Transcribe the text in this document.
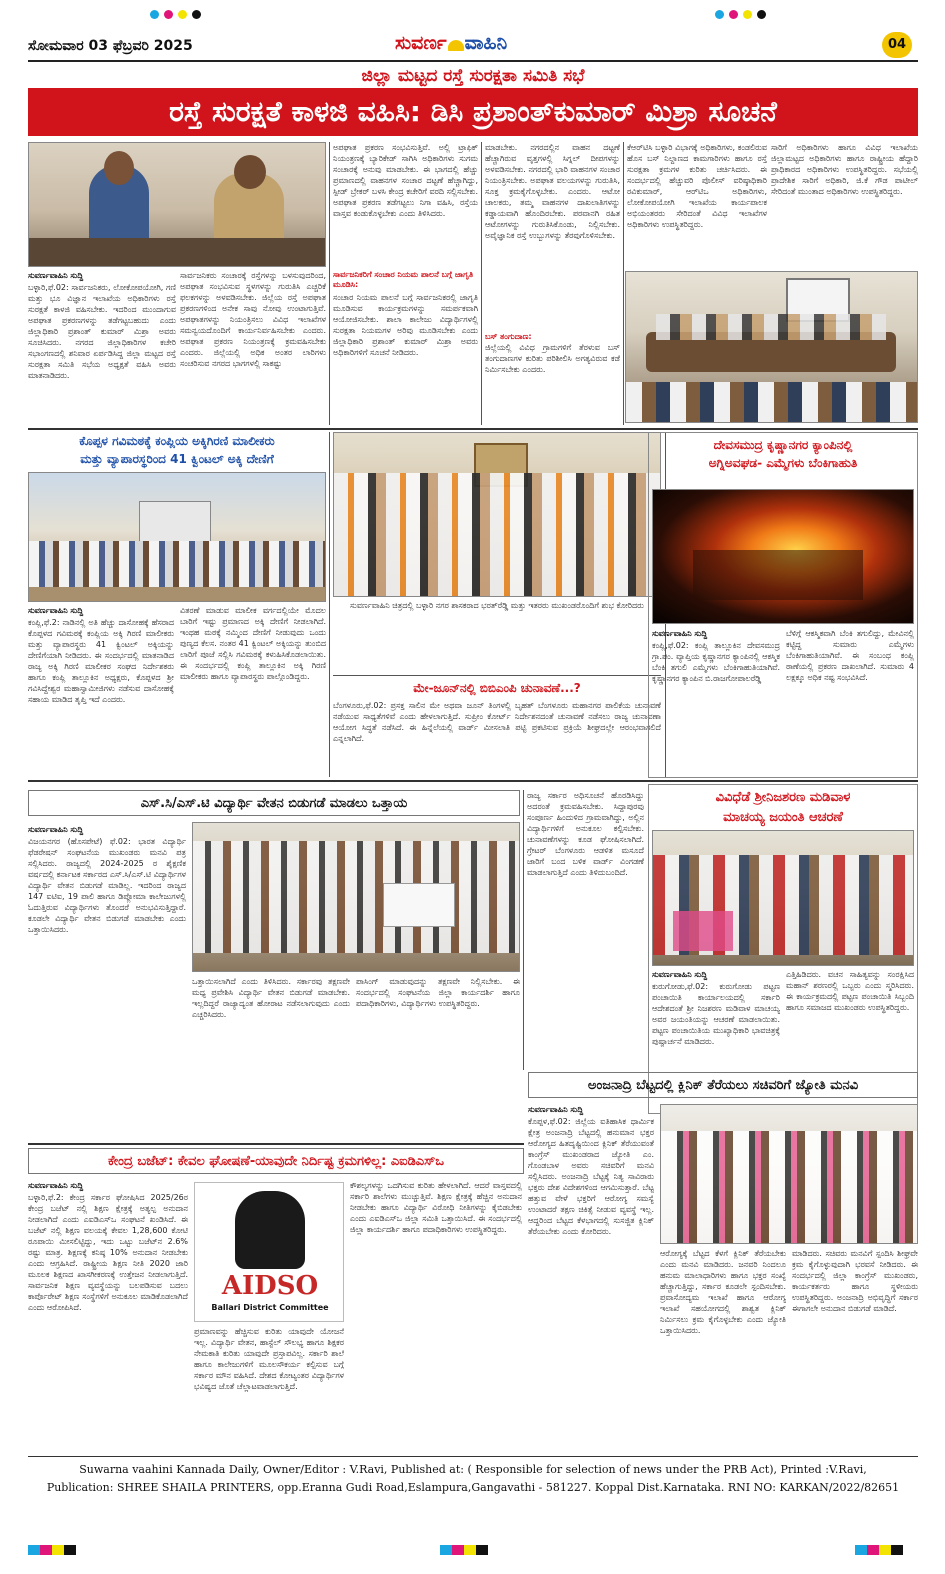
ಸೋಮವಾರ 03 ಫೆಬ್ರವರಿ 2025	ಸುವರ್ಣ ವಾಹಿನಿ	04
ಜಿಲ್ಲಾ ಮಟ್ಟದ ರಸ್ತೆ ಸುರಕ್ಷತಾ ಸಮಿತಿ ಸಭೆ
ರಸ್ತೆ ಸುರಕ್ಷತೆ ಕಾಳಜಿ ವಹಿಸಿ: ಡಿಸಿ ಪ್ರಶಾಂತ್‌ಕುಮಾರ್ ಮಿಶ್ರಾ ಸೂಚನೆ
ಸುವರ್ಣವಾಹಿನಿ ಸುದ್ದಿ
ಬಳ್ಳಾರಿ,ಫೆ.02: ಸಾರ್ವಜನಿಕರು, ಲೋಕೋಪಯೋಗಿ, ಗಣಿ ಮತ್ತು ಭೂ ವಿಜ್ಞಾನ ಇಲಾಖೆಯ ಅಧಿಕಾರಿಗಳು ರಸ್ತೆ ಸುರಕ್ಷತೆ ಕಾಳಜಿ ವಹಿಸಬೇಕು. ಇದರಿಂದ ಮುಂದಾಗುವ ಅಪಘಾತ ಪ್ರಕರಣಗಳನ್ನು ತಡೆಗಟ್ಟಬಹುದು ಎಂದು ಜಿಲ್ಲಾಧಿಕಾರಿ ಪ್ರಶಾಂತ್ ಕುಮಾರ್ ಮಿಶ್ರಾ ಅವರು ಸೂಚಿಸಿದರು. ನಗರದ ಜಿಲ್ಲಾಧಿಕಾರಿಗಳ ಕಚೇರಿ ಸಭಾಂಗಣದಲ್ಲಿ ಶನಿವಾರ ಏರ್ಪಡಿಸಿದ್ದ ಜಿಲ್ಲಾ ಮಟ್ಟದ ರಸ್ತೆ ಸುರಕ್ಷತಾ ಸಮಿತಿ ಸಭೆಯ ಅಧ್ಯಕ್ಷತೆ ವಹಿಸಿ ಅವರು ಮಾತನಾಡಿದರು.
ಸಾರ್ವಜನಿಕರು ಸಂಚಾರಕ್ಕೆ ರಸ್ತೆಗಳನ್ನು ಬಳಸುವುದರಿಂದ, ಅಪಘಾತ ಸಂಭವಿಸುವ ಸ್ಥಳಗಳನ್ನು ಗುರುತಿಸಿ ಎಚ್ಚರಿಕೆ ಫಲಕಗಳನ್ನು ಅಳವಡಿಸಬೇಕು. ಜಿಲ್ಲೆಯ ರಸ್ತೆ ಅಪಘಾತ ಪ್ರಕರಣಗಳಿಂದ ಅನೇಕ ಸಾವು ನೋವು ಉಂಟಾಗುತ್ತಿವೆ. ಅಪಘಾತಗಳನ್ನು ನಿಯಂತ್ರಿಸಲು ವಿವಿಧ ಇಲಾಖೆಗಳ ಸಮನ್ವಯದೊಂದಿಗೆ ಕಾರ್ಯನಿರ್ವಹಿಸಬೇಕು ಎಂದರು. ಅಪಘಾತ ಪ್ರಕರಣ ನಿಯಂತ್ರಣಕ್ಕೆ ಕ್ರಮವಹಿಸಬೇಕು ಎಂದರು. ಜಿಲ್ಲೆಯಲ್ಲಿ ಅಧಿಕ ಅಂತರ ಲಾರಿಗಳು ಸಂಚರಿಸುವ ನಗರದ ಭಾಗಗಳಲ್ಲಿ ಸಾಕಷ್ಟು
ಅಪಘಾತ ಪ್ರಕರಣ ಸಂಭವಿಸುತ್ತಿವೆ. ಅಲ್ಲಿ ಟ್ರಾಫಿಕ್ ನಿಯಂತ್ರಣಕ್ಕೆ ಬ್ಯಾರಿಕೇಡ್ ಸಾಗಿಸಿ ಅಧಿಕಾರಿಗಳು ಸುಗಮ ಸಂಚಾರಕ್ಕೆ ಅನುವು ಮಾಡಬೇಕು. ಈ ಭಾಗದಲ್ಲಿ ಹೆಚ್ಚು ಪ್ರಮಾಣದಲ್ಲಿ ವಾಹನಗಳ ಸಂಚಾರ ದಟ್ಟಣೆ ಹೆಚ್ಚಾಗಿದ್ದು, ಸ್ಪೀಡ್ ಬ್ರೇಕರ್ ಬಳಸಿ ಕೇಂದ್ರ ಕಚೇರಿಗೆ ವರದಿ ಸಲ್ಲಿಸಬೇಕು. ಅಪಘಾತ ಪ್ರಕರಣ ತಡೆಗಟ್ಟಲು ನಿಗಾ ವಹಿಸಿ, ರಸ್ತೆಯ ವಾಸ್ತವ ಕಂಡುಕೊಳ್ಳಬೇಕು ಎಂದು ತಿಳಿಸಿದರು.
ಸಾರ್ವಜನಿಕರಿಗೆ ಸಂಚಾರ ನಿಯಮ ಪಾಲನೆ ಬಗ್ಗೆ ಜಾಗೃತಿ ಮೂಡಿಸಿ:
ಸಂಚಾರ ನಿಯಮ ಪಾಲನೆ ಬಗ್ಗೆ ಸಾರ್ವಜನಿಕರಲ್ಲಿ ಜಾಗೃತಿ ಮೂಡಿಸುವ ಕಾರ್ಯಕ್ರಮಗಳನ್ನು ಸಮರ್ಪಕವಾಗಿ ಆಯೋಜಿಸಬೇಕು. ಶಾಲಾ ಕಾಲೇಜು ವಿದ್ಯಾರ್ಥಿಗಳಲ್ಲಿ ಸುರಕ್ಷತಾ ನಿಯಮಗಳ ಅರಿವು ಮೂಡಿಸಬೇಕು ಎಂದು ಜಿಲ್ಲಾಧಿಕಾರಿ ಪ್ರಶಾಂತ್ ಕುಮಾರ್ ಮಿಶ್ರಾ ಅವರು ಅಧಿಕಾರಿಗಳಿಗೆ ಸೂಚನೆ ನೀಡಿದರು.
ಮಾಡಬೇಕು. ನಗರದಲ್ಲಿನ ವಾಹನ ದಟ್ಟಣೆ ಹೆಚ್ಚಾಗಿರುವ ವೃತ್ತಗಳಲ್ಲಿ ಸಿಗ್ನಲ್ ದೀಪಗಳನ್ನು ಅಳವಡಿಸಬೇಕು. ನಗರದಲ್ಲಿ ಭಾರಿ ವಾಹನಗಳ ಸಂಚಾರ ನಿಯಂತ್ರಿಸಬೇಕು. ಅಪಘಾತ ವಲಯಗಳನ್ನು ಗುರುತಿಸಿ, ಸೂಕ್ತ ಕ್ರಮಕೈಗೊಳ್ಳಬೇಕು. ಎಂದರು. ಆಟೋ ಚಾಲಕರು, ತಮ್ಮ ವಾಹನಗಳ ದಾಖಲಾತಿಗಳನ್ನು ಕಡ್ಡಾಯವಾಗಿ ಹೊಂದಿರಬೇಕು. ಪರವಾನಗಿ ರಹಿತ ಆಟೋಗಳನ್ನು ಗುರುತಿಸಿಕೊಂಡು, ನಿಲ್ಲಿಸಬೇಕು. ಅವೈಜ್ಞಾನಿಕ ರಸ್ತೆ ಉಬ್ಬುಗಳನ್ನು ತೆರವುಗೊಳಿಸಬೇಕು.
ಬಸ್ ತಂಗುದಾಣ:
ಜಿಲ್ಲೆಯಲ್ಲಿ ವಿವಿಧ ಗ್ರಾಮಗಳಿಗೆ ತೆರಳುವ ಬಸ್ ತಂಗುದಾಣಗಳ ಕುರಿತು ಪರಿಶೀಲಿಸಿ ಅಗತ್ಯವಿರುವ ಕಡೆ ನಿರ್ಮಿಸಬೇಕು ಎಂದರು.
ಕೆಆರ್‌ಟಿಸಿ ಬಳ್ಳಾರಿ ವಿಭಾಗಕ್ಕೆ ಅಧಿಕಾರಿಗಳು, ಕಂಡಲಿರುವ ಹೊಸ ಬಸ್ ನಿಲ್ದಾಣದ ಕಾಮಗಾರಿಗಳು ಹಾಗೂ ರಸ್ತೆ ಸುರಕ್ಷತಾ ಕ್ರಮಗಳ ಕುರಿತು ಚರ್ಚಿಸಿದರು. ಈ ಸಂದರ್ಭದಲ್ಲಿ ಹೆಚ್ಚುವರಿ ಪೊಲೀಸ್ ವರಿಷ್ಠಾಧಿಕಾರಿ ರವಿಕುಮಾರ್, ಆರ್‌ಟಿಒ ಅಧಿಕಾರಿಗಳು, ಲೋಕೋಪಯೋಗಿ ಇಲಾಖೆಯ ಕಾರ್ಯಪಾಲಕ ಅಭಿಯಂತರರು ಸೇರಿದಂತೆ ವಿವಿಧ ಇಲಾಖೆಗಳ ಅಧಿಕಾರಿಗಳು ಉಪಸ್ಥಿತರಿದ್ದರು.
ಸಾರಿಗೆ ಅಧಿಕಾರಿಗಳು ಹಾಗೂ ವಿವಿಧ ಇಲಾಖೆಯ ಜಿಲ್ಲಾಮಟ್ಟದ ಅಧಿಕಾರಿಗಳು ಹಾಗೂ ರಾಷ್ಟ್ರೀಯ ಹೆದ್ದಾರಿ ಪ್ರಾಧಿಕಾರದ ಅಧಿಕಾರಿಗಳು ಉಪಸ್ಥಿತರಿದ್ದರು. ಸಭೆಯಲ್ಲಿ ಪ್ರಾದೇಶಿಕ ಸಾರಿಗೆ ಅಧಿಕಾರಿ, ಜಿ.ಕೆ ಗೌಡ ಪಾಟೀಲ್ ಸೇರಿದಂತೆ ಮುಂತಾದ ಅಧಿಕಾರಿಗಳು ಉಪಸ್ಥಿತರಿದ್ದರು.
ಕೊಪ್ಪಳ ಗವಿಮಠಕ್ಕೆ ಕಂಪ್ಲಿಯ ಅಕ್ಕಿಗಿರಣಿ ಮಾಲೀಕರು
ಮತ್ತು ವ್ಯಾಪಾರಸ್ಥರಿಂದ 41 ಕ್ವಿಂಟಲ್ ಅಕ್ಕಿ ದೇಣಿಗೆ
ಸುವರ್ಣವಾಹಿನಿ ಸುದ್ದಿ
ಕಂಪ್ಲಿ,ಫೆ.2: ನಾಡಿನಲ್ಲಿ ಅತಿ ಹೆಚ್ಚು ದಾಸೋಹಕ್ಕೆ ಹೆಸರಾದ ಕೊಪ್ಪಳದ ಗವಿಮಠಕ್ಕೆ ಕಂಪ್ಲಿಯ ಅಕ್ಕಿ ಗಿರಣಿ ಮಾಲೀಕರು ಮತ್ತು ವ್ಯಾಪಾರಸ್ಥರು 41 ಕ್ವಿಂಟಲ್ ಅಕ್ಕಿಯನ್ನು ದೇಣಿಗೆಯಾಗಿ ನೀಡಿದರು. ಈ ಸಂದರ್ಭದಲ್ಲಿ ಮಾತನಾಡಿದ ರಾಜ್ಯ ಅಕ್ಕಿ ಗಿರಣಿ ಮಾಲೀಕರ ಸಂಘದ ನಿರ್ದೇಶಕರು ಹಾಗೂ ಕಂಪ್ಲಿ ತಾಲ್ಲೂಕಿನ ಅಧ್ಯಕ್ಷರು, ಕೊಪ್ಪಳದ ಶ್ರೀ ಗವಿಸಿದ್ದೇಶ್ವರ ಮಹಾಸ್ವಾಮೀಜಿಗಳು ನಡೆಸುವ ದಾಸೋಹಕ್ಕೆ ಸಹಾಯ ಮಾಡಿದ ತೃಪ್ತಿ ಇದೆ ಎಂದರು.
ವಿತರಣೆ ಮಾಡುವ ಮಾಲೀಕ ವರ್ಗದಲ್ಲಿಯೇ ಮೊದಲ ಬಾರಿಗೆ ಇಷ್ಟು ಪ್ರಮಾಣದ ಅಕ್ಕಿ ದೇಣಿಗೆ ನೀಡಲಾಗಿದೆ. ಇಂಥಹ ಮಠಕ್ಕೆ ನಮ್ಮಿಂದ ದೇಣಿಗೆ ನೀಡುವುದು ಒಂದು ಪುಣ್ಯದ ಕೆಲಸ. ನಂತರ 41 ಕ್ವಿಂಟಲ್ ಅಕ್ಕಿಯನ್ನು ತುಂಬಿದ ಲಾರಿಗೆ ಪೂಜೆ ಸಲ್ಲಿಸಿ ಗವಿಮಠಕ್ಕೆ ಕಳುಹಿಸಿಕೊಡಲಾಯಿತು. ಈ ಸಂದರ್ಭದಲ್ಲಿ ಕಂಪ್ಲಿ ತಾಲ್ಲೂಕಿನ ಅಕ್ಕಿ ಗಿರಣಿ ಮಾಲೀಕರು ಹಾಗೂ ವ್ಯಾಪಾರಸ್ಥರು ಪಾಲ್ಗೊಂಡಿದ್ದರು.
ಸುವರ್ಣವಾಹಿನಿ ಚಿತ್ರದಲ್ಲಿ ಬಳ್ಳಾರಿ ನಗರ ಶಾಸಕರಾದ ಭರತ್‌ರೆಡ್ಡಿ ಮತ್ತು ಇತರರು ಮುಖಂಡರೊಂದಿಗೆ ಶುಭ ಕೋರಿದರು
ಮೇ-ಜೂನ್‌ನಲ್ಲಿ ಬಿಬಿಎಂಪಿ ಚುನಾವಣೆ...?
ಬೆಂಗಳೂರು,ಫೆ.02: ಪ್ರಸಕ್ತ ಸಾಲಿನ ಮೇ ಅಥವಾ ಜೂನ್ ತಿಂಗಳಲ್ಲಿ ಬೃಹತ್ ಬೆಂಗಳೂರು ಮಹಾನಗರ ಪಾಲಿಕೆಯ ಚುನಾವಣೆ ನಡೆಯುವ ಸಾಧ್ಯತೆಗಳಿವೆ ಎಂದು ಹೇಳಲಾಗುತ್ತಿದೆ. ಸುಪ್ರೀಂ ಕೋರ್ಟ್ ನಿರ್ದೇಶನದಂತೆ ಚುನಾವಣೆ ನಡೆಸಲು ರಾಜ್ಯ ಚುನಾವಣಾ ಆಯೋಗ ಸಿದ್ಧತೆ ನಡೆಸಿದೆ. ಈ ಹಿನ್ನೆಲೆಯಲ್ಲಿ ವಾರ್ಡ್ ಮೀಸಲಾತಿ ಪಟ್ಟಿ ಪ್ರಕಟಿಸುವ ಪ್ರಕ್ರಿಯೆ ಶೀಘ್ರದಲ್ಲೇ ಆರಂಭವಾಗಲಿದೆ ಎನ್ನಲಾಗಿದೆ.
ದೇವಸಮುದ್ರ ಕೃಷ್ಣಾನಗರ ಕ್ಯಾಂಪಿನಲ್ಲಿ
ಅಗ್ನಿಅವಘಡ- ಎಮ್ಮೆಗಳು ಬೆಂಕಿಗಾಹುತಿ
ಸುವರ್ಣವಾಹಿನಿ ಸುದ್ದಿ
ಕಂಪ್ಲಿ,ಫೆ.02: ಕಂಪ್ಲಿ ತಾಲ್ಲೂಕಿನ ದೇವಸಮುದ್ರ ಗ್ರಾ.ಪಂ. ವ್ಯಾಪ್ತಿಯ ಕೃಷ್ಣಾನಗರ ಕ್ಯಾಂಪಿನಲ್ಲಿ ಆಕಸ್ಮಿಕ ಬೆಂಕಿ ತಗುಲಿ ಎಮ್ಮೆಗಳು ಬೆಂಕಿಗಾಹುತಿಯಾಗಿವೆ. ಕೃಷ್ಣಾನಗರ ಕ್ಯಾಂಪಿನ ಬಿ.ರಾಜಗೋಪಾಲರೆಡ್ಡಿ
ಬೆಳಿಗ್ಗೆ ಆಕಸ್ಮಿಕವಾಗಿ ಬೆಂಕಿ ತಗುಲಿದ್ದು, ಮೇವಿನಲ್ಲಿ ಕಟ್ಟಿದ್ದ ಸುಮಾರು ಎಮ್ಮೆಗಳು ಬೆಂಕಿಗಾಹುತಿಯಾಗಿವೆ. ಈ ಸಂಬಂಧ ಕಂಪ್ಲಿ ಠಾಣೆಯಲ್ಲಿ ಪ್ರಕರಣ ದಾಖಲಾಗಿದೆ. ಸುಮಾರು 4 ಲಕ್ಷಕ್ಕೂ ಅಧಿಕ ನಷ್ಟ ಸಂಭವಿಸಿದೆ.
ವಿವಿಧೆಡೆ ಶ್ರೀನಿಜಶರಣ ಮಡಿವಾಳ
ಮಾಚಯ್ಯ ಜಯಂತಿ ಆಚರಣೆ
ಸುವರ್ಣವಾಹಿನಿ ಸುದ್ದಿ
ಕುರುಗೋಡು,ಫೆ.02: ಕುರುಗೋಡು ಪಟ್ಟಣ ಪಂಚಾಯಿತಿ ಕಾರ್ಯಾಲಯದಲ್ಲಿ ಸರ್ಕಾರಿ ಆದೇಶದಂತೆ ಶ್ರೀ ನಿಜಶರಣ ಮಡಿವಾಳ ಮಾಚಯ್ಯ ಅವರ ಜಯಂತಿಯನ್ನು ಆಚರಣೆ ಮಾಡಲಾಯಿತು. ಪಟ್ಟಣ ಪಂಚಾಯಿತಿಯ ಮುಖ್ಯಾಧಿಕಾರಿ ಭಾವಚಿತ್ರಕ್ಕೆ ಪುಷ್ಪಾರ್ಚನೆ ಮಾಡಿದರು.
ಎತ್ತಿಹಿಡಿದರು. ವಚನ ಸಾಹಿತ್ಯವನ್ನು ಸಂರಕ್ಷಿಸಿದ ಮಹಾನ್ ಶರಣರಲ್ಲಿ ಒಬ್ಬರು ಎಂದು ಸ್ಮರಿಸಿದರು. ಈ ಕಾರ್ಯಕ್ರಮದಲ್ಲಿ ಪಟ್ಟಣ ಪಂಚಾಯಿತಿ ಸಿಬ್ಬಂದಿ ಹಾಗೂ ಸಮಾಜದ ಮುಖಂಡರು ಉಪಸ್ಥಿತರಿದ್ದರು.
ಎಸ್.ಸಿ/ಎಸ್.ಟಿ ವಿದ್ಯಾರ್ಥಿ ವೇತನ ಬಿಡುಗಡೆ ಮಾಡಲು ಒತ್ತಾಯ
ಸುವರ್ಣವಾಹಿನಿ ಸುದ್ದಿ
ವಿಜಯನಗರ (ಹೊಸಪೇಟೆ) ಫೆ.02: ಭಾರತ ವಿದ್ಯಾರ್ಥಿ ಫೆಡರೇಷನ್ ಸಂಘಟನೆಯ ಮುಖಂಡರು ಮನವಿ ಪತ್ರ ಸಲ್ಲಿಸಿದರು. ರಾಜ್ಯದಲ್ಲಿ 2024-2025 ರ ಶೈಕ್ಷಣಿಕ ವರ್ಷದಲ್ಲಿ ಕರ್ನಾಟಕ ಸರ್ಕಾರದ ಎಸ್.ಸಿ/ಎಸ್.ಟಿ ವಿದ್ಯಾರ್ಥಿಗಳ ವಿದ್ಯಾರ್ಥಿ ವೇತನ ಬಿಡುಗಡೆ ಮಾಡಿಲ್ಲ. ಇದರಿಂದ ರಾಜ್ಯದ 147 ಐಟಿಐ, 19 ಪಾಲಿ ಹಾಗೂ ಡಿಪ್ಲೋಮಾ ಕಾಲೇಜುಗಳಲ್ಲಿ ಓದುತ್ತಿರುವ ವಿದ್ಯಾರ್ಥಿಗಳು ತೊಂದರೆ ಅನುಭವಿಸುತ್ತಿದ್ದಾರೆ. ಕೂಡಲೇ ವಿದ್ಯಾರ್ಥಿ ವೇತನ ಬಿಡುಗಡೆ ಮಾಡಬೇಕು ಎಂದು ಒತ್ತಾಯಿಸಿದರು.
ಒತ್ತಾಯಿಸಲಾಗಿದೆ ಎಂದು ತಿಳಿಸಿದರು. ಸರ್ಕಾರವು ತಕ್ಷಣವೇ ಮಧ್ಯ ಪ್ರವೇಶಿಸಿ ವಿದ್ಯಾರ್ಥಿ ವೇತನ ಬಿಡುಗಡೆ ಮಾಡಬೇಕು. ಇಲ್ಲದಿದ್ದರೆ ರಾಜ್ಯಾದ್ಯಂತ ಹೋರಾಟ ನಡೆಸಲಾಗುವುದು ಎಂದು ಎಚ್ಚರಿಸಿದರು.
ಪಾಸಿಂಗ್ ಮಾಡುವುದನ್ನು ತಕ್ಷಣವೇ ನಿಲ್ಲಿಸಬೇಕು. ಈ ಸಂದರ್ಭದಲ್ಲಿ ಸಂಘಟನೆಯ ಜಿಲ್ಲಾ ಕಾರ್ಯದರ್ಶಿ ಹಾಗೂ ಪದಾಧಿಕಾರಿಗಳು, ವಿದ್ಯಾರ್ಥಿಗಳು ಉಪಸ್ಥಿತರಿದ್ದರು.
ರಾಜ್ಯ ಸರ್ಕಾರ ಅಧಿಸೂಚನೆ ಹೊರಡಿಸಿದ್ದು ಅದರಂತೆ ಕ್ರಮವಹಿಸಬೇಕು. ಸಿದ್ದಾಪುರವು ಸಂಪೂರ್ಣ ಹಿಂದುಳಿದ ಗ್ರಾಮವಾಗಿದ್ದು, ಅಲ್ಲಿನ ವಿದ್ಯಾರ್ಥಿಗಳಿಗೆ ಅನುಕೂಲ ಕಲ್ಪಿಸಬೇಕು. ಚುನಾವಣೆಗಳನ್ನು ಕೂಡ ಘೋಷಿಸಲಾಗಿದೆ. ಗ್ರೇಟರ್ ಬೆಂಗಳೂರು ಆಡಳಿತ ಮಸೂದೆ ಜಾರಿಗೆ ಬಂದ ಬಳಿಕ ವಾರ್ಡ್ ವಿಂಗಡಣೆ ಮಾಡಲಾಗುತ್ತಿದೆ ಎಂದು ತಿಳಿದುಬಂದಿದೆ.
ಅಂಜನಾದ್ರಿ ಬೆಟ್ಟದಲ್ಲಿ ಕ್ಲಿನಿಕ್ ತೆರೆಯಲು ಸಚಿವರಿಗೆ ಜ್ಯೋತಿ ಮನವಿ
ಸುವರ್ಣವಾಹಿನಿ ಸುದ್ದಿ
ಕೊಪ್ಪಳ,ಫೆ.02: ಜಿಲ್ಲೆಯ ಐತಿಹಾಸಿಕ ಧಾರ್ಮಿಕ ಕ್ಷೇತ್ರ ಅಂಜನಾದ್ರಿ ಬೆಟ್ಟದಲ್ಲಿ ಹನುಮಾನ ಭಕ್ತರ ಆರೋಗ್ಯದ ಹಿತದೃಷ್ಟಿಯಿಂದ ಕ್ಲಿನಿಕ್ ತೆರೆಯುವಂತೆ ಕಾಂಗ್ರೆಸ್ ಮುಖಂಡರಾದ ಜ್ಯೋತಿ ಎಂ. ಗೊಂಡಬಾಳ ಅವರು ಸಚಿವರಿಗೆ ಮನವಿ ಸಲ್ಲಿಸಿದರು. ಅಂಜನಾದ್ರಿ ಬೆಟ್ಟಕ್ಕೆ ನಿತ್ಯ ಸಾವಿರಾರು ಭಕ್ತರು ದೇಶ ವಿದೇಶಗಳಿಂದ ಆಗಮಿಸುತ್ತಾರೆ. ಬೆಟ್ಟ ಹತ್ತುವ ವೇಳೆ ಭಕ್ತರಿಗೆ ಆರೋಗ್ಯ ಸಮಸ್ಯೆ ಉಂಟಾದರೆ ತಕ್ಷಣ ಚಿಕಿತ್ಸೆ ನೀಡುವ ವ್ಯವಸ್ಥೆ ಇಲ್ಲ. ಆದ್ದರಿಂದ ಬೆಟ್ಟದ ಕೆಳಭಾಗದಲ್ಲಿ ಸುಸಜ್ಜಿತ ಕ್ಲಿನಿಕ್ ತೆರೆಯಬೇಕು ಎಂದು ಕೋರಿದರು.
ಆರೋಗ್ಯಕ್ಕೆ ಬೆಟ್ಟದ ಕೆಳಗೆ ಕ್ಲಿನಿಕ್ ತೆರೆಯಬೇಕು ಎಂದು ಮನವಿ ಮಾಡಿದರು. ಜನವರಿ ನಿಂದಲೂ ಹನುಮ ಮಾಲಾಧಾರಿಗಳು ಹಾಗೂ ಭಕ್ತರ ಸಂಖ್ಯೆ ಹೆಚ್ಚಾಗುತ್ತಿದ್ದು, ಸರ್ಕಾರ ಕೂಡಲೇ ಸ್ಪಂದಿಸಬೇಕು. ಪ್ರವಾಸೋದ್ಯಮ ಇಲಾಖೆ ಹಾಗೂ ಆರೋಗ್ಯ ಇಲಾಖೆ ಸಹಯೋಗದಲ್ಲಿ ಶಾಶ್ವತ ಕ್ಲಿನಿಕ್ ನಿರ್ಮಿಸಲು ಕ್ರಮ ಕೈಗೊಳ್ಳಬೇಕು ಎಂದು ಜ್ಯೋತಿ ಒತ್ತಾಯಿಸಿದರು.
ಮಾಡಿದರು. ಸಚಿವರು ಮನವಿಗೆ ಸ್ಪಂದಿಸಿ ಶೀಘ್ರವೇ ಕ್ರಮ ಕೈಗೊಳ್ಳುವುದಾಗಿ ಭರವಸೆ ನೀಡಿದರು. ಈ ಸಂದರ್ಭದಲ್ಲಿ ಜಿಲ್ಲಾ ಕಾಂಗ್ರೆಸ್ ಮುಖಂಡರು, ಕಾರ್ಯಕರ್ತರು ಹಾಗೂ ಸ್ಥಳೀಯರು ಉಪಸ್ಥಿತರಿದ್ದರು. ಅಂಜನಾದ್ರಿ ಅಭಿವೃದ್ಧಿಗೆ ಸರ್ಕಾರ ಈಗಾಗಲೇ ಅನುದಾನ ಬಿಡುಗಡೆ ಮಾಡಿದೆ.
ಕೇಂದ್ರ ಬಜೆಟ್: ಕೇವಲ ಘೋಷಣೆ-ಯಾವುದೇ ನಿರ್ದಿಷ್ಟ ಕ್ರಮಗಳಿಲ್ಲ: ಎಐಡಿಎಸ್‌ಒ
ಸುವರ್ಣವಾಹಿನಿ ಸುದ್ದಿ
ಬಳ್ಳಾರಿ,ಫೆ.2: ಕೇಂದ್ರ ಸರ್ಕಾರ ಘೋಷಿಸಿದ 2025/26ರ ಕೇಂದ್ರ ಬಜೆಟ್ ನಲ್ಲಿ ಶಿಕ್ಷಣ ಕ್ಷೇತ್ರಕ್ಕೆ ಅತ್ಯಲ್ಪ ಅನುದಾನ ನೀಡಲಾಗಿದೆ ಎಂದು ಎಐಡಿಎಸ್‌ಒ ಸಂಘಟನೆ ಖಂಡಿಸಿದೆ. ಈ ಬಜೆಟ್ ನಲ್ಲಿ ಶಿಕ್ಷಣ ವಲಯಕ್ಕೆ ಕೇವಲ 1,28,600 ಕೋಟಿ ರೂಪಾಯಿ ಮೀಸಲಿಟ್ಟಿದ್ದು, ಇದು ಒಟ್ಟು ಬಜೆಟ್‌ನ 2.6% ರಷ್ಟು ಮಾತ್ರ. ಶಿಕ್ಷಣಕ್ಕೆ ಕನಿಷ್ಠ 10% ಅನುದಾನ ನೀಡಬೇಕು ಎಂದು ಆಗ್ರಹಿಸಿದೆ. ರಾಷ್ಟ್ರೀಯ ಶಿಕ್ಷಣ ನೀತಿ 2020 ಜಾರಿ ಮೂಲಕ ಶಿಕ್ಷಣದ ಖಾಸಗೀಕರಣಕ್ಕೆ ಉತ್ತೇಜನ ನೀಡಲಾಗುತ್ತಿದೆ. ಸಾರ್ವಜನಿಕ ಶಿಕ್ಷಣ ವ್ಯವಸ್ಥೆಯನ್ನು ಬಲಪಡಿಸುವ ಬದಲು ಕಾರ್ಪೊರೇಟ್ ಶಿಕ್ಷಣ ಸಂಸ್ಥೆಗಳಿಗೆ ಅನುಕೂಲ ಮಾಡಿಕೊಡಲಾಗಿದೆ ಎಂದು ಆರೋಪಿಸಿದೆ.
AIDSO
Ballari District Committee
ಪ್ರಮಾಣವನ್ನು ಹೆಚ್ಚಿಸುವ ಕುರಿತು ಯಾವುದೇ ಯೋಜನೆ ಇಲ್ಲ. ವಿದ್ಯಾರ್ಥಿ ವೇತನ, ಹಾಸ್ಟೆಲ್ ಸೌಲಭ್ಯ ಹಾಗೂ ಶಿಕ್ಷಕರ ನೇಮಕಾತಿ ಕುರಿತು ಯಾವುದೇ ಪ್ರಸ್ತಾಪವಿಲ್ಲ. ಸರ್ಕಾರಿ ಶಾಲೆ ಹಾಗೂ ಕಾಲೇಜುಗಳಿಗೆ ಮೂಲಸೌಕರ್ಯ ಕಲ್ಪಿಸುವ ಬಗ್ಗೆ ಸರ್ಕಾರ ಮೌನ ವಹಿಸಿದೆ. ದೇಶದ ಕೋಟ್ಯಂತರ ವಿದ್ಯಾರ್ಥಿಗಳ ಭವಿಷ್ಯದ ಜೊತೆ ಚೆಲ್ಲಾಟವಾಡಲಾಗುತ್ತಿದೆ.
ಕೌಶಲ್ಯಗಳನ್ನು ಒದಗಿಸುವ ಕುರಿತು ಹೇಳಲಾಗಿದೆ. ಆದರೆ ವಾಸ್ತವದಲ್ಲಿ ಸರ್ಕಾರಿ ಶಾಲೆಗಳು ಮುಚ್ಚುತ್ತಿವೆ. ಶಿಕ್ಷಣ ಕ್ಷೇತ್ರಕ್ಕೆ ಹೆಚ್ಚಿನ ಅನುದಾನ ನೀಡಬೇಕು ಹಾಗೂ ವಿದ್ಯಾರ್ಥಿ ವಿರೋಧಿ ನೀತಿಗಳನ್ನು ಕೈಬಿಡಬೇಕು ಎಂದು ಎಐಡಿಎಸ್‌ಒ ಜಿಲ್ಲಾ ಸಮಿತಿ ಒತ್ತಾಯಿಸಿದೆ. ಈ ಸಂದರ್ಭದಲ್ಲಿ ಜಿಲ್ಲಾ ಕಾರ್ಯದರ್ಶಿ ಹಾಗೂ ಪದಾಧಿಕಾರಿಗಳು ಉಪಸ್ಥಿತರಿದ್ದರು.
Suwarna vaahini Kannada Daily, Owner/Editor : V.Ravi, Published at: ( Responsible for selection of news under the PRB Act), Printed :V.Ravi,
Publication: SHREE SHAILA PRINTERS, opp.Eranna Gudi Road,Eslampura,Gangavathi - 581227. Koppal Dist.Karnataka. RNI NO: KARKAN/2022/82651
